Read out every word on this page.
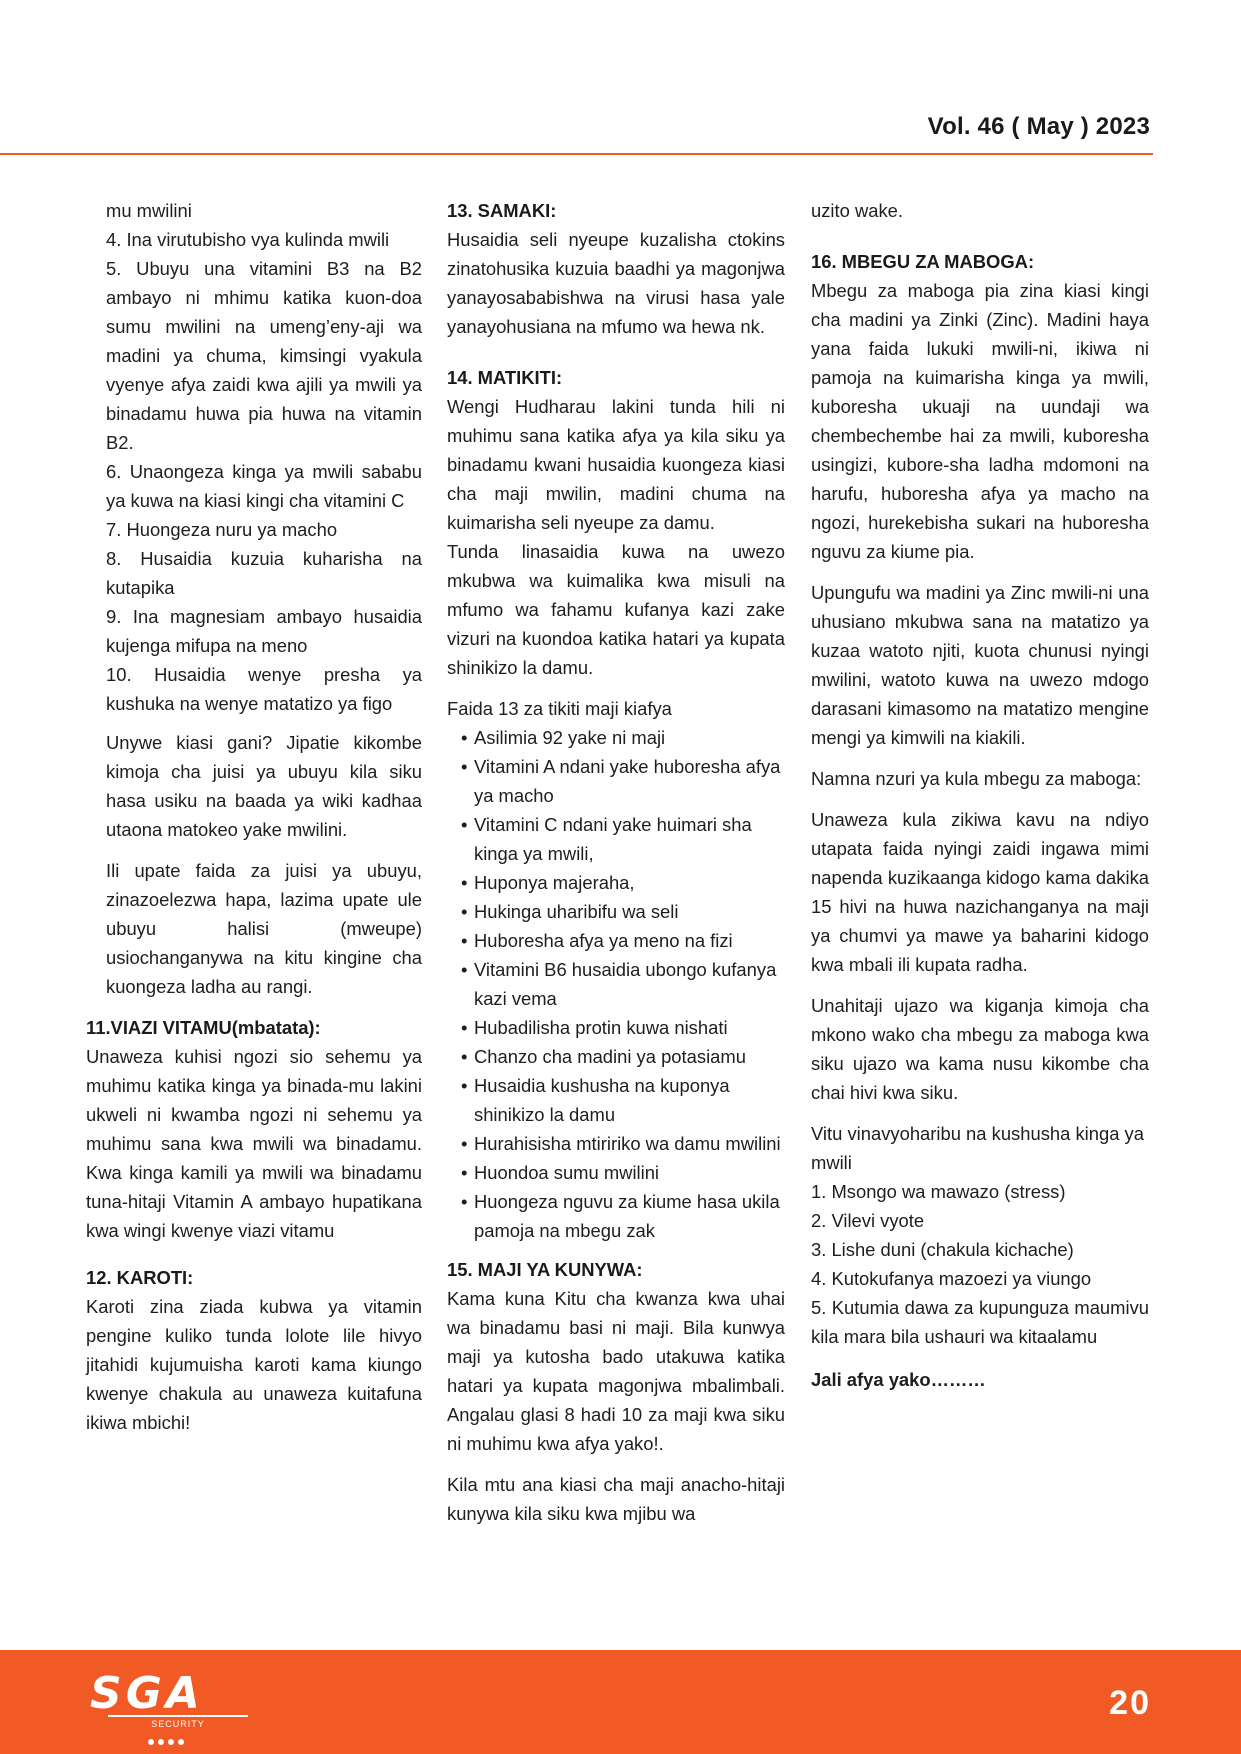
Vol. 46 ( May ) 2023
mu mwilini
4. Ina virutubisho vya kulinda mwili
5. Ubuyu una vitamini B3 na B2 ambayo ni mhimu katika kuon-doa sumu mwilini na umeng’eny-aji wa madini ya chuma, kimsingi vyakula vyenye afya zaidi kwa ajili ya mwili ya binadamu huwa pia huwa na vitamin B2.
6. Unaongeza kinga ya mwili sababu ya kuwa na kiasi kingi cha vitamini C
7. Huongeza nuru ya macho
8. Husaidia kuzuia kuharisha na kutapika
9. Ina magnesiam ambayo husaidia kujenga mifupa na meno
10. Husaidia wenye presha ya kushuka na wenye matatizo ya figo

Unywe kiasi gani? Jipatie kikombe kimoja cha juisi ya ubuyu kila siku hasa usiku na baada ya wiki kadhaa utaona matokeo yake mwilini.

Ili upate faida za juisi ya ubuyu, zinazoelezwa hapa, lazima upate ule ubuyu halisi (mweupe) usiochanganywa na kitu kingine cha kuongeza ladha au rangi.

11.VIAZI VITAMU(mbatata):

Unaweza kuhisi ngozi sio sehemu ya muhimu katika kinga ya binada-mu lakini ukweli ni kwamba ngozi ni sehemu ya muhimu sana kwa mwili wa binadamu. Kwa kinga kamili ya mwili wa binadamu tuna-hitaji Vitamin A ambayo hupatikana kwa wingi kwenye viazi vitamu

12. KAROTI:

Karoti zina ziada kubwa ya vitamin pengine kuliko tunda lolote lile hivyo jitahidi kujumuisha karoti kama kiungo kwenye chakula au unaweza kuitafuna ikiwa mbichi!

13. SAMAKI:

Husaidia seli nyeupe kuzalisha ctokins zinatohusika kuzuia baadhi ya magonjwa yanayosababishwa na virusi hasa yale yanayohusiana na mfumo wa hewa nk.

14. MATIKITI:

Wengi Hudharau lakini tunda hili ni muhimu sana katika afya ya kila siku ya binadamu kwani husaidia kuongeza kiasi cha maji mwilin, madini chuma na kuimarisha seli nyeupe za damu.

Tunda linasaidia kuwa na uwezo mkubwa wa kuimalika kwa misuli na mfumo wa fahamu kufanya kazi zake vizuri na kuondoa katika hatari ya kupata shinikizo la damu.

Faida 13 za tikiti maji kiafya
• Asilimia 92 yake ni maji
• Vitamini A ndani yake huboresha afya ya macho
• Vitamini C ndani yake huimari sha kinga ya mwili,
• Huponya majeraha,
• Hukinga uharibifu wa seli
• Huboresha afya ya meno na fizi
• Vitamini B6 husaidia ubongo kufanya kazi vema
• Hubadilisha protin kuwa nishati
• Chanzo cha madini ya potasiamu
• Husaidia kushusha na kuponya shinikizo la damu
• Hurahisisha mtiririko wa damu mwilini
• Huondoa sumu mwilini
• Huongeza nguvu za kiume hasa ukila pamoja na mbegu zak
15. MAJI YA KUNYWA:

Kama kuna Kitu cha kwanza kwa uhai wa binadamu basi ni maji. Bila kunwya maji ya kutosha bado utakuwa katika hatari ya kupata magonjwa mbalimbali. Angalau glasi 8 hadi 10 za maji kwa siku ni muhimu kwa afya yako!.

Kila mtu ana kiasi cha maji anacho-hitaji kunywa kila siku kwa mjibu wa

uzito wake.
16. MBEGU ZA MABOGA:

Mbegu za maboga pia zina kiasi kingi cha madini ya Zinki (Zinc). Madini haya yana faida lukuki mwili-ni, ikiwa ni pamoja na kuimarisha kinga ya mwili, kuboresha ukuaji na uundaji wa chembechembe hai za mwili, kuboresha usingizi, kubore-sha ladha mdomoni na harufu, huboresha afya ya macho na ngozi, hurekebisha sukari na huboresha nguvu za kiume pia.

Upungufu wa madini ya Zinc mwili-ni una uhusiano mkubwa sana na matatizo ya kuzaa watoto njiti, kuota chunusi nyingi mwilini, watoto kuwa na uwezo mdogo darasani kimasomo na matatizo mengine mengi ya kimwili na kiakili.

Namna nzuri ya kula mbegu za maboga:

Unaweza kula zikiwa kavu na ndiyo utapata faida nyingi zaidi ingawa mimi napenda kuzikaanga kidogo kama dakika 15 hivi na huwa nazichanganya na maji ya chumvi ya mawe ya baharini kidogo kwa mbali ili kupata radha.

Unahitaji ujazo wa kiganja kimoja cha mkono wako cha mbegu za maboga kwa siku ujazo wa kama nusu kikombe cha chai hivi kwa siku.

Vitu vinavyoharibu na kushusha kinga ya mwili
1. Msongo wa mawazo (stress)
2. Vilevi vyote
3. Lishe duni (chakula kichache)
4. Kutokufanya mazoezi ya viungo
5. Kutumia dawa za kupunguza maumivu kila mara bila ushauri wa kitaalamu
Jali afya yako………
SGA
SECURITY
20
